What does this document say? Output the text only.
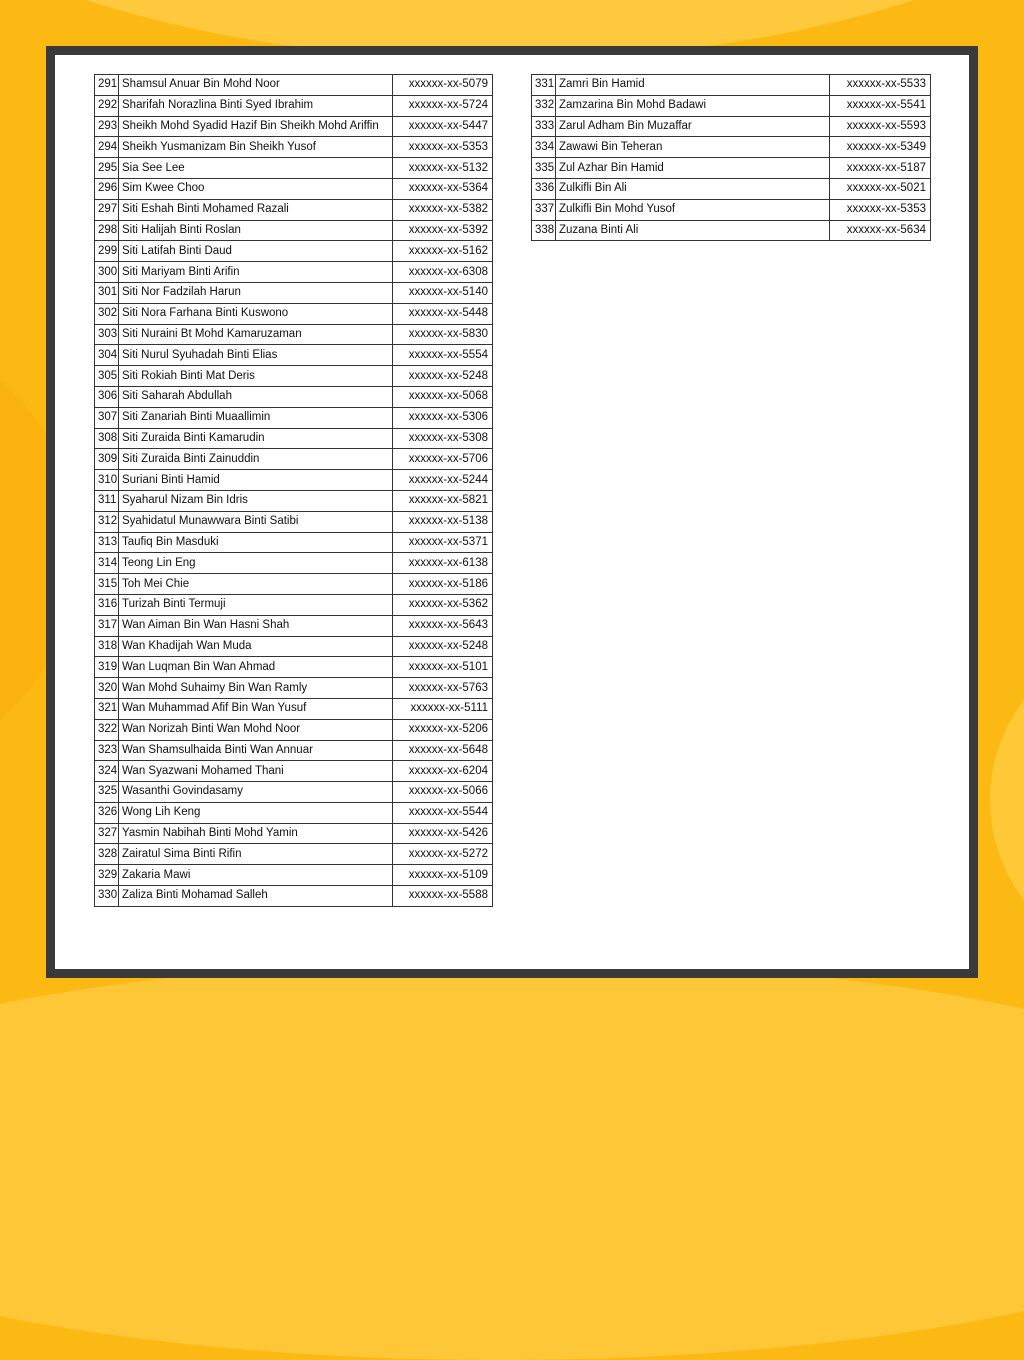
291	Shamsul Anuar Bin Mohd Noor	xxxxxx-xx-5079
292	Sharifah Norazlina Binti Syed Ibrahim	xxxxxx-xx-5724
293	Sheikh Mohd Syadid Hazif Bin Sheikh Mohd Ariffin	xxxxxx-xx-5447
294	Sheikh Yusmanizam Bin Sheikh Yusof	xxxxxx-xx-5353
295	Sia See Lee	xxxxxx-xx-5132
296	Sim Kwee Choo	xxxxxx-xx-5364
297	Siti Eshah Binti Mohamed Razali	xxxxxx-xx-5382
298	Siti Halijah Binti Roslan	xxxxxx-xx-5392
299	Siti Latifah Binti Daud	xxxxxx-xx-5162
300	Siti Mariyam Binti Arifin	xxxxxx-xx-6308
301	Siti Nor Fadzilah Harun	xxxxxx-xx-5140
302	Siti Nora Farhana Binti Kuswono	xxxxxx-xx-5448
303	Siti Nuraini Bt Mohd Kamaruzaman	xxxxxx-xx-5830
304	Siti Nurul Syuhadah Binti Elias	xxxxxx-xx-5554
305	Siti Rokiah Binti Mat Deris	xxxxxx-xx-5248
306	Siti Saharah Abdullah	xxxxxx-xx-5068
307	Siti Zanariah Binti Muaallimin	xxxxxx-xx-5306
308	Siti Zuraida Binti Kamarudin	xxxxxx-xx-5308
309	Siti Zuraida Binti Zainuddin	xxxxxx-xx-5706
310	Suriani Binti Hamid	xxxxxx-xx-5244
311	Syaharul Nizam Bin Idris	xxxxxx-xx-5821
312	Syahidatul Munawwara Binti Satibi	xxxxxx-xx-5138
313	Taufiq Bin Masduki	xxxxxx-xx-5371
314	Teong Lin Eng	xxxxxx-xx-6138
315	Toh Mei Chie	xxxxxx-xx-5186
316	Turizah Binti Termuji	xxxxxx-xx-5362
317	Wan Aiman Bin Wan Hasni Shah	xxxxxx-xx-5643
318	Wan Khadijah Wan Muda	xxxxxx-xx-5248
319	Wan Luqman Bin Wan Ahmad	xxxxxx-xx-5101
320	Wan Mohd Suhaimy Bin Wan Ramly	xxxxxx-xx-5763
321	Wan Muhammad Afif Bin Wan Yusuf	xxxxxx-xx-5111
322	Wan Norizah Binti Wan Mohd Noor	xxxxxx-xx-5206
323	Wan Shamsulhaida Binti Wan Annuar	xxxxxx-xx-5648
324	Wan Syazwani Mohamed Thani	xxxxxx-xx-6204
325	Wasanthi Govindasamy	xxxxxx-xx-5066
326	Wong Lih Keng	xxxxxx-xx-5544
327	Yasmin Nabihah Binti Mohd Yamin	xxxxxx-xx-5426
328	Zairatul Sima Binti Rifin	xxxxxx-xx-5272
329	Zakaria Mawi	xxxxxx-xx-5109
330	Zaliza Binti Mohamad Salleh	xxxxxx-xx-5588
331	Zamri Bin Hamid	xxxxxx-xx-5533
332	Zamzarina Bin Mohd Badawi	xxxxxx-xx-5541
333	Zarul Adham Bin Muzaffar	xxxxxx-xx-5593
334	Zawawi Bin Teheran	xxxxxx-xx-5349
335	Zul Azhar Bin Hamid	xxxxxx-xx-5187
336	Zulkifli Bin Ali	xxxxxx-xx-5021
337	Zulkifli Bin Mohd Yusof	xxxxxx-xx-5353
338	Zuzana Binti Ali	xxxxxx-xx-5634
